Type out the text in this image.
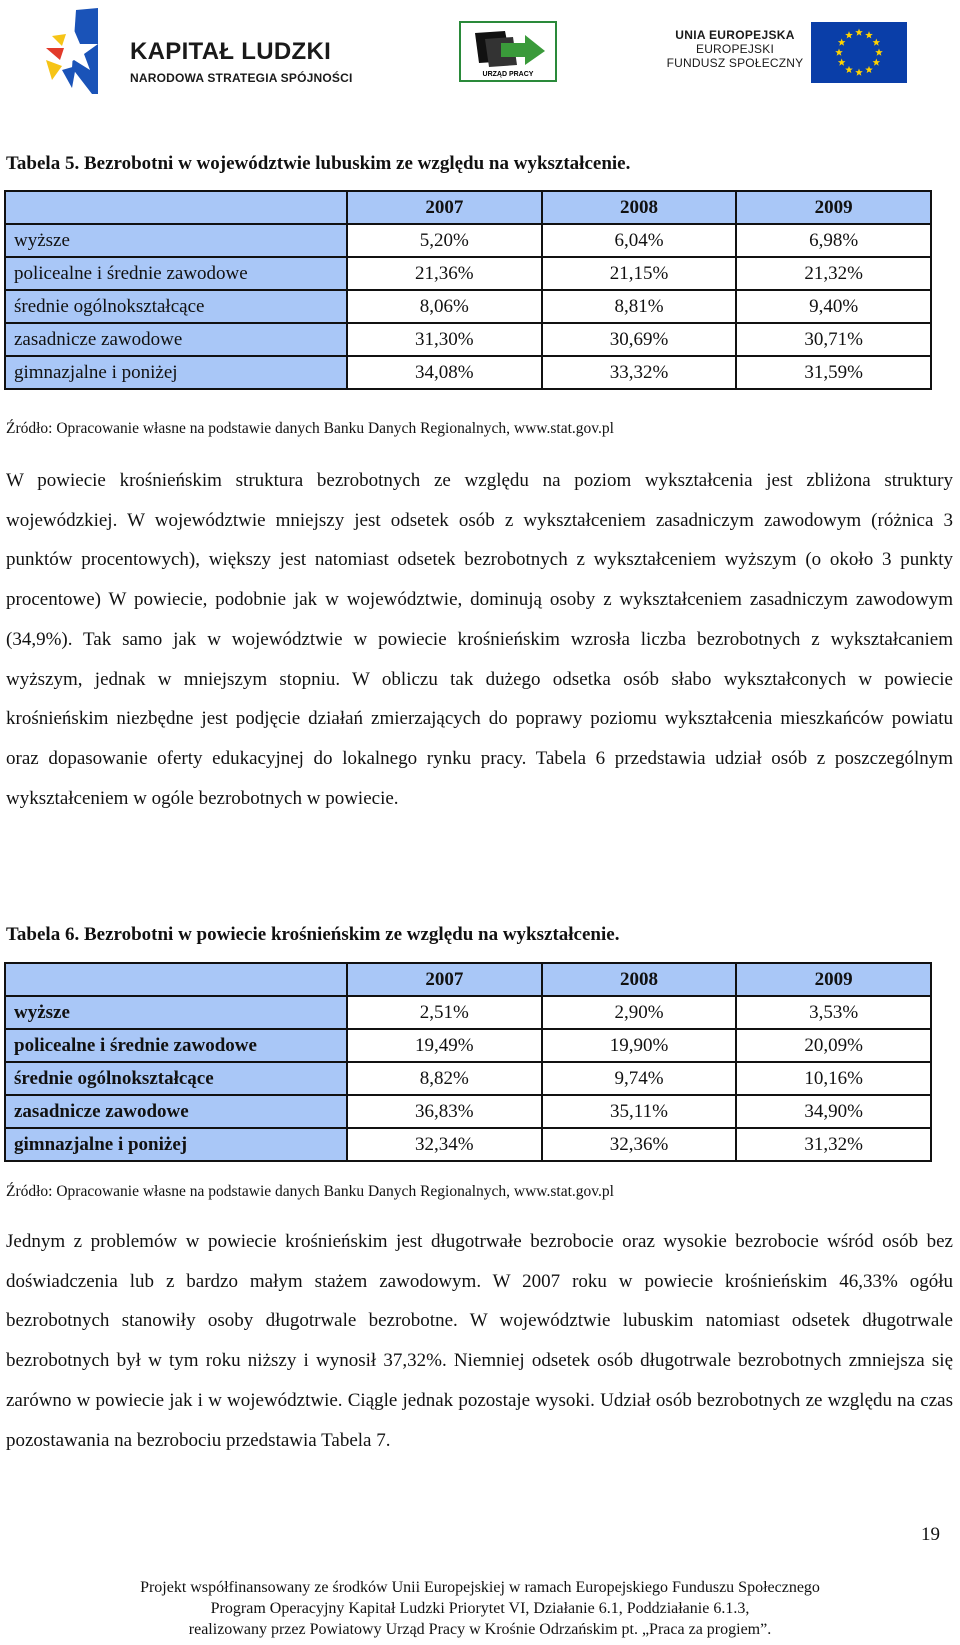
KAPITAŁ LUDZKI
NARODOWA STRATEGIA SPÓJNOŚCI	URZĄD PRACY
UNIA EUROPEJSKA
EUROPEJSKI
FUNDUSZ SPOŁECZNY
Tabela 5. Bezrobotni w województwie lubuskim ze względu na wykształcenie.
	2007	2008	2009
wyższe	5,20%	6,04%	6,98%
policealne i średnie zawodowe	21,36%	21,15%	21,32%
średnie ogólnokształcące	8,06%	8,81%	9,40%
zasadnicze zawodowe	31,30%	30,69%	30,71%
gimnazjalne i poniżej	34,08%	33,32%	31,59%
Źródło: Opracowanie własne na podstawie danych Banku Danych Regionalnych, www.stat.gov.pl

W powiecie krośnieńskim struktura bezrobotnych ze względu na poziom wykształcenia jest zbliżona struktury wojewódzkiej. W województwie mniejszy jest odsetek osób z wykształceniem zasadniczym zawodowym (różnica 3 punktów procentowych), większy jest natomiast odsetek bezrobotnych z wykształceniem wyższym (o około 3 punkty procentowe) W powiecie, podobnie jak w województwie, dominują osoby z wykształceniem zasadniczym zawodowym (34,9%). Tak samo jak w województwie w powiecie krośnieńskim wzrosła liczba bezrobotnych z wykształcaniem wyższym, jednak w mniejszym stopniu. W obliczu tak dużego odsetka osób słabo wykształconych w powiecie krośnieńskim niezbędne jest podjęcie działań zmierzających do poprawy poziomu wykształcenia mieszkańców powiatu oraz dopasowanie oferty edukacyjnej do lokalnego rynku pracy. Tabela 6 przedstawia udział osób z poszczególnym wykształceniem w ogóle bezrobotnych w powiecie.

Tabela 6. Bezrobotni w powiecie krośnieńskim ze względu na wykształcenie.
	2007	2008	2009
wyższe	2,51%	2,90%	3,53%
policealne i średnie zawodowe	19,49%	19,90%	20,09%
średnie ogólnokształcące	8,82%	9,74%	10,16%
zasadnicze zawodowe	36,83%	35,11%	34,90%
gimnazjalne i poniżej	32,34%	32,36%	31,32%
Źródło: Opracowanie własne na podstawie danych Banku Danych Regionalnych, www.stat.gov.pl

Jednym z problemów w powiecie krośnieńskim jest długotrwałe bezrobocie oraz wysokie bezrobocie wśród osób bez doświadczenia lub z bardzo małym stażem zawodowym. W 2007 roku w powiecie krośnieńskim 46,33% ogółu bezrobotnych stanowiły osoby długotrwale bezrobotne. W województwie lubuskim natomiast odsetek długotrwale bezrobotnych był w tym roku niższy i wynosił 37,32%. Niemniej odsetek osób długotrwale bezrobotnych zmniejsza się zarówno w powiecie jak i w województwie. Ciągle jednak pozostaje wysoki. Udział osób bezrobotnych ze względu na czas pozostawania na bezrobociu przedstawia Tabela 7.

19
Projekt współfinansowany ze środków Unii Europejskiej w ramach Europejskiego Funduszu Społecznego
Program Operacyjny Kapitał Ludzki Priorytet VI, Działanie 6.1, Poddziałanie 6.1.3,
realizowany przez Powiatowy Urząd Pracy w Krośnie Odrzańskim pt. „Praca za progiem”.
